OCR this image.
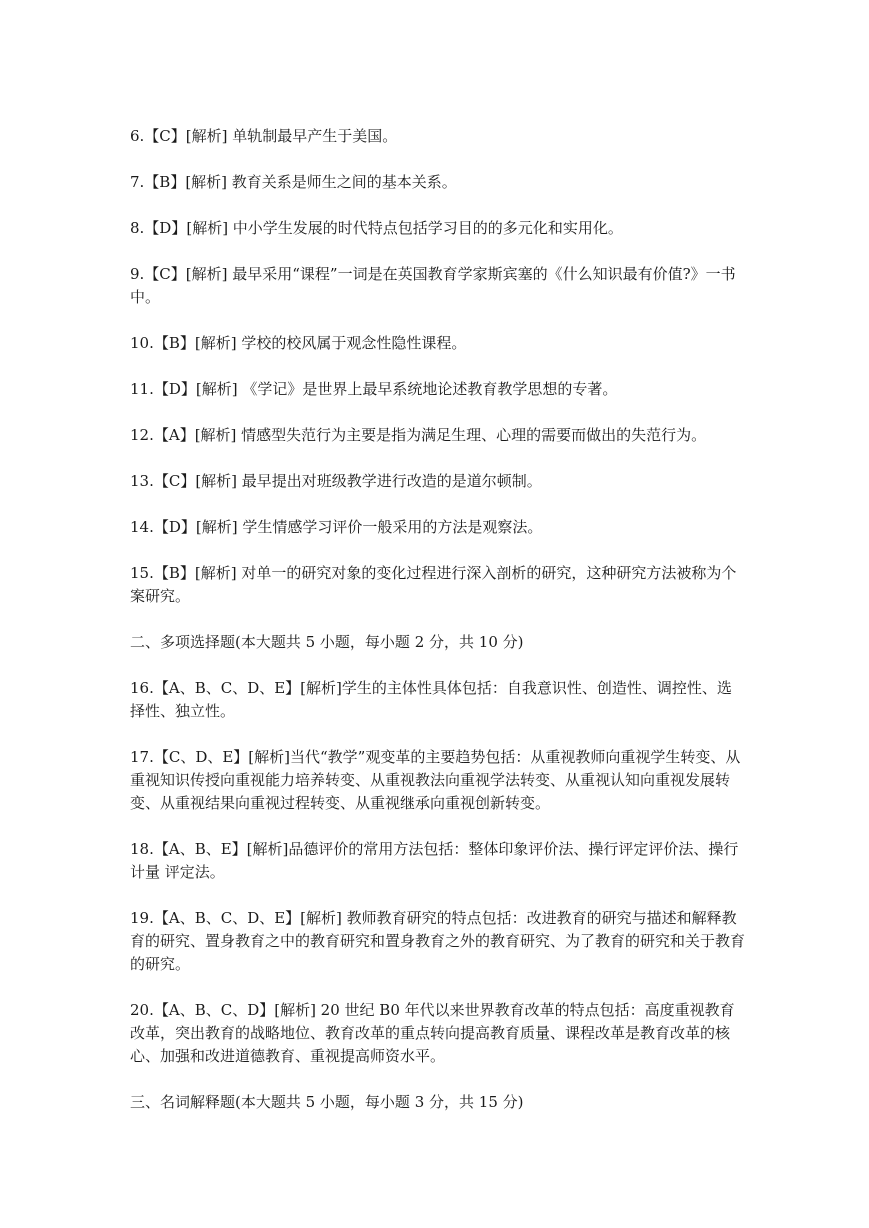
6.【C】[解析] 单轨制最早产生于美国。

7.【B】[解析] 教育关系是师生之间的基本关系。

8.【D】[解析] 中小学生发展的时代特点包括学习目的的多元化和实用化。

9.【C】[解析] 最早采用“课程”一词是在英国教育学家斯宾塞的《什么知识最有价值?》一书中。

10.【B】[解析] 学校的校风属于观念性隐性课程。

11.【D】[解析] 《学记》是世界上最早系统地论述教育教学思想的专著。

12.【A】[解析] 情感型失范行为主要是指为满足生理、心理的需要而做出的失范行为。

13.【C】[解析] 最早提出对班级教学进行改造的是道尔顿制。

14.【D】[解析] 学生情感学习评价一般采用的方法是观察法。

15.【B】[解析] 对单一的研究对象的变化过程进行深入剖析的研究，这种研究方法被称为个案研究。

二、多项选择题(本大题共 5 小题，每小题 2 分，共 10 分)

16.【A、B、C、D、E】[解析]学生的主体性具体包括：自我意识性、创造性、调控性、选择性、独立性。

17.【C、D、E】[解析]当代“教学”观变革的主要趋势包括：从重视教师向重视学生转变、从重视知识传授向重视能力培养转变、从重视教法向重视学法转变、从重视认知向重视发展转变、从重视结果向重视过程转变、从重视继承向重视创新转变。

18.【A、B、E】[解析]品德评价的常用方法包括：整体印象评价法、操行评定评价法、操行计量 评定法。

19.【A、B、C、D、E】[解析] 教师教育研究的特点包括：改进教育的研究与描述和解释教育的研究、置身教育之中的教育研究和置身教育之外的教育研究、为了教育的研究和关于教育的研究。

20.【A、B、C、D】[解析] 20 世纪 B0 年代以来世界教育改革的特点包括：高度重视教育改革，突出教育的战略地位、教育改革的重点转向提高教育质量、课程改革是教育改革的核心、加强和改进道德教育、重视提高师资水平。

三、名词解释题(本大题共 5 小题，每小题 3 分，共 15 分)
